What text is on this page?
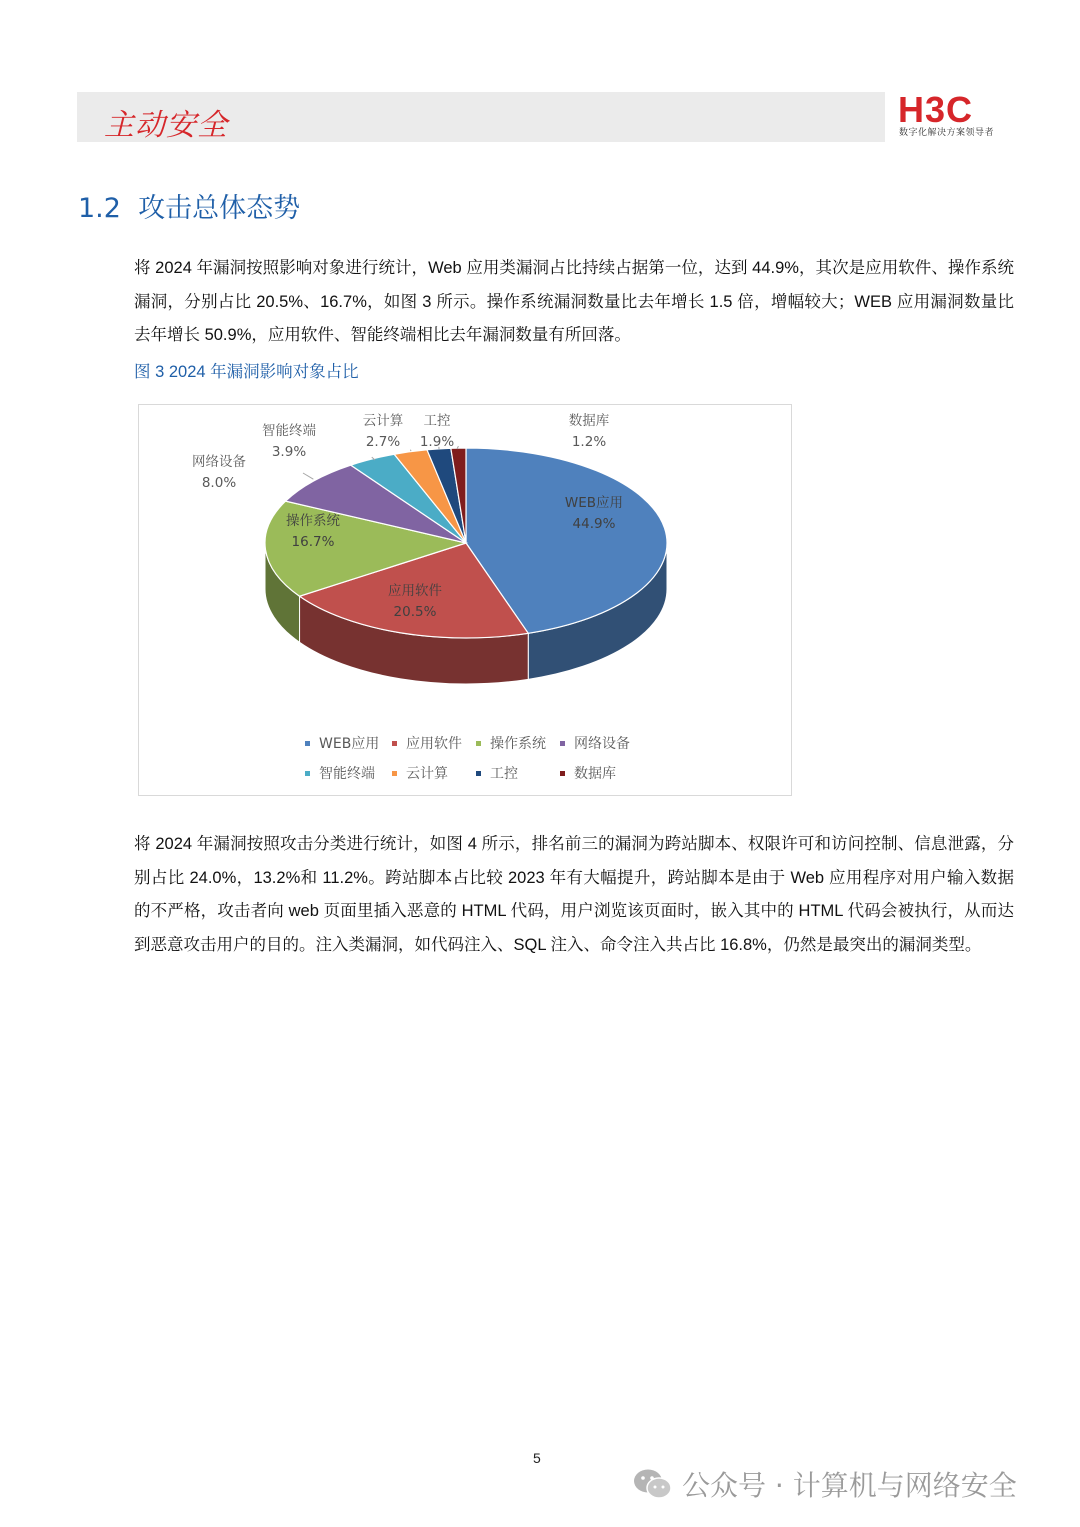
主动安全	H3C
数字化解决方案领导者
1.2  攻击总体态势
将 2024 年漏洞按照影响对象进行统计，Web 应用类漏洞占比持续占据第一位，达到 44.9%，其次是应用软件、操作系统漏洞，分别占比 20.5%、16.7%，如图 3 所示。操作系统漏洞数量比去年增长 1.5 倍，增幅较大；WEB 应用漏洞数量比去年增长 50.9%，应用软件、智能终端相比去年漏洞数量有所回落。
图 3 2024 年漏洞影响对象占比
WEB应用
44.9%
应用软件
20.5%
操作系统
16.7%
网络设备
8.0%
智能终端
3.9%
云计算
2.7%
工控
1.9%
数据库
1.2%
WEB应用 应用软件 操作系统 网络设备
智能终端 云计算	工控	数据库
将 2024 年漏洞按照攻击分类进行统计，如图 4 所示，排名前三的漏洞为跨站脚本、权限许可和访问控制、信息泄露，分别占比 24.0%，13.2%和 11.2%。跨站脚本占比较 2023 年有大幅提升，跨站脚本是由于 Web 应用程序对用户输入数据的不严格，攻击者向 web 页面里插入恶意的 HTML 代码，用户浏览该页面时，嵌入其中的 HTML 代码会被执行，从而达到恶意攻击用户的目的。注入类漏洞，如代码注入、SQL 注入、命令注入共占比 16.8%，仍然是最突出的漏洞类型。
5
公众号 · 计算机与网络安全
